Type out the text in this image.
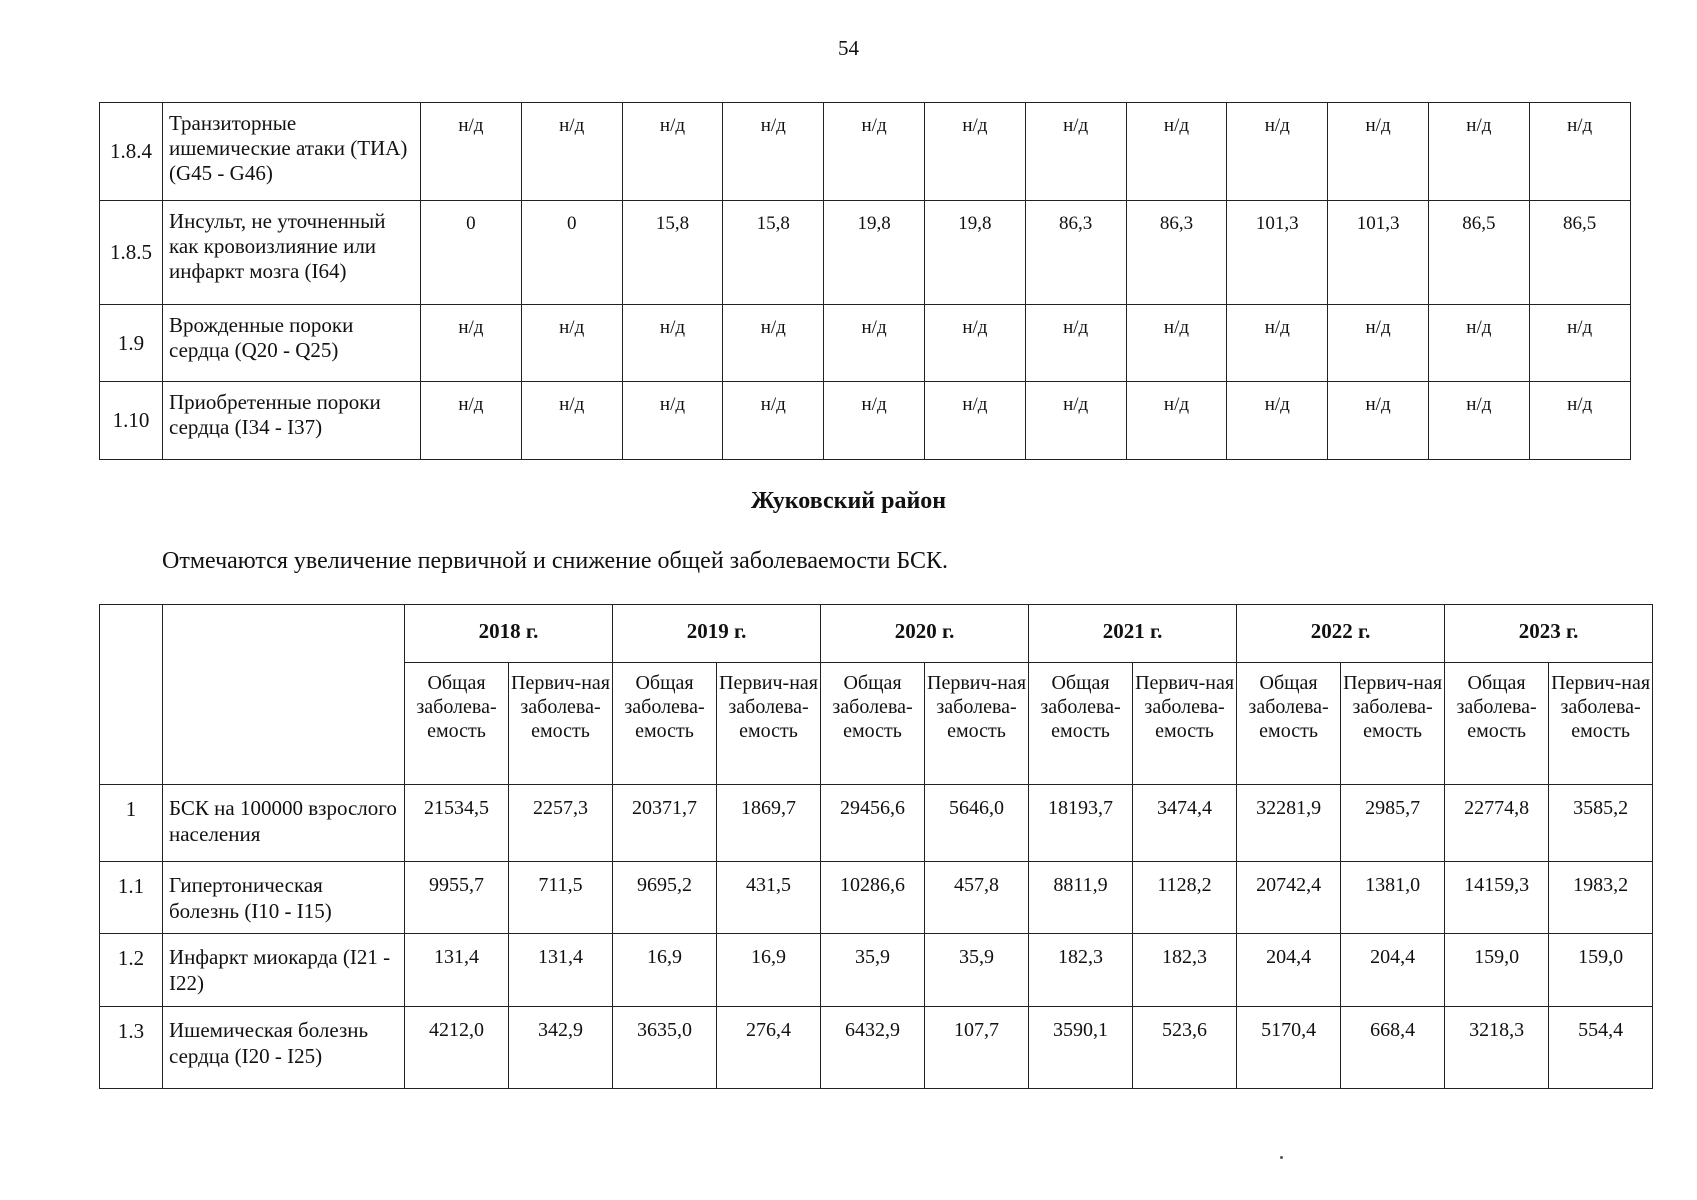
54
1.8.4	Транзиторные ишемические атаки (ТИА) (G45 - G46)	н/д	н/д	н/д	н/д	н/д	н/д	н/д	н/д	н/д	н/д	н/д	н/д
1.8.5	Инсульт, не уточненный как кровоизлияние или инфаркт мозга (I64)	0	0	15,8	15,8	19,8	19,8	86,3	86,3	101,3	101,3	86,5	86,5
1.9	Врожденные пороки сердца (Q20 - Q25)	н/д	н/д	н/д	н/д	н/д	н/д	н/д	н/д	н/д	н/д	н/д	н/д
1.10	Приобретенные пороки сердца (I34 - I37)	н/д	н/д	н/д	н/д	н/д	н/д	н/д	н/д	н/д	н/д	н/д	н/д
Жуковский район
Отмечаются увеличение первичной и снижение общей заболеваемости БСК.
		2018 г.		2019 г.		2020 г.		2021 г.		2022 г.		2023 г.	
		Общая заболева-емость	Первич-ная заболева-емость	Общая заболева-емость	Первич-ная заболева-емость	Общая заболева-емость	Первич-ная заболева-емость	Общая заболева-емость	Первич-ная заболева-емость	Общая заболева-емость	Первич-ная заболева-емость	Общая заболева-емость	Первич-ная заболева-емость
1	БСК на 100000 взрослого населения	21534,5	2257,3	20371,7	1869,7	29456,6	5646,0	18193,7	3474,4	32281,9	2985,7	22774,8	3585,2
1.1	Гипертоническая болезнь (I10 - I15)	9955,7	711,5	9695,2	431,5	10286,6	457,8	8811,9	1128,2	20742,4	1381,0	14159,3	1983,2
1.2	Инфаркт миокарда (I21 - I22)	131,4	131,4	16,9	16,9	35,9	35,9	182,3	182,3	204,4	204,4	159,0	159,0
1.3	Ишемическая болезнь сердца (I20 - I25)	4212,0	342,9	3635,0	276,4	6432,9	107,7	3590,1	523,6	5170,4	668,4	3218,3	554,4
